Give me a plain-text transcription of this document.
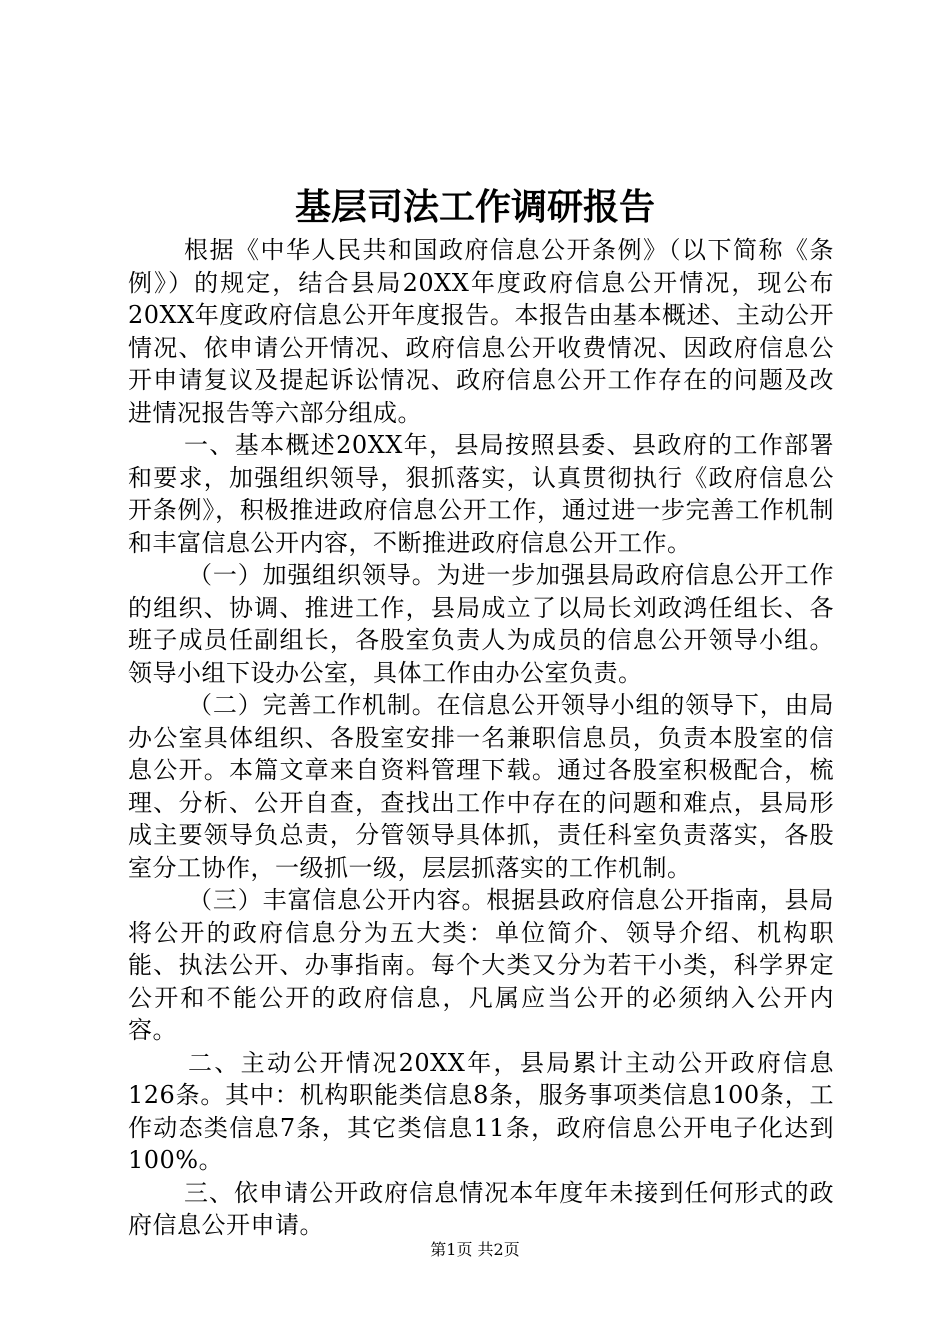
基层司法工作调研报告

根据《中华人民共和国政府信息公开条例》（以下简称《条例》）的规定，结合县局20XX年度政府信息公开情况，现公布20XX年度政府信息公开年度报告。本报告由基本概述、主动公开情况、依申请公开情况、政府信息公开收费情况、因政府信息公开申请复议及提起诉讼情况、政府信息公开工作存在的问题及改进情况报告等六部分组成。

一、基本概述20XX年，县局按照县委、县政府的工作部署和要求，加强组织领导，狠抓落实，认真贯彻执行《政府信息公开条例》，积极推进政府信息公开工作，通过进一步完善工作机制和丰富信息公开内容，不断推进政府信息公开工作。

（一）加强组织领导。为进一步加强县局政府信息公开工作的组织、协调、推进工作，县局成立了以局长刘政鸿任组长、各班子成员任副组长，各股室负责人为成员的信息公开领导小组。领导小组下设办公室，具体工作由办公室负责。

（二）完善工作机制。在信息公开领导小组的领导下，由局办公室具体组织、各股室安排一名兼职信息员，负责本股室的信息公开。本篇文章来自资料管理下载。通过各股室积极配合，梳理、分析、公开自查，查找出工作中存在的问题和难点，县局形成主要领导负总责，分管领导具体抓，责任科室负责落实，各股室分工协作，一级抓一级，层层抓落实的工作机制。

（三）丰富信息公开内容。根据县政府信息公开指南，县局将公开的政府信息分为五大类：单位简介、领导介绍、机构职能、执法公开、办事指南。每个大类又分为若干小类，科学界定公开和不能公开的政府信息，凡属应当公开的必须纳入公开内容。

二、主动公开情况20XX年，县局累计主动公开政府信息126条。其中：机构职能类信息8条，服务事项类信息100条，工作动态类信息7条，其它类信息11条，政府信息公开电子化达到100%。

三、依申请公开政府信息情况本年度年未接到任何形式的政府信息公开申请。

第1页 共2页
